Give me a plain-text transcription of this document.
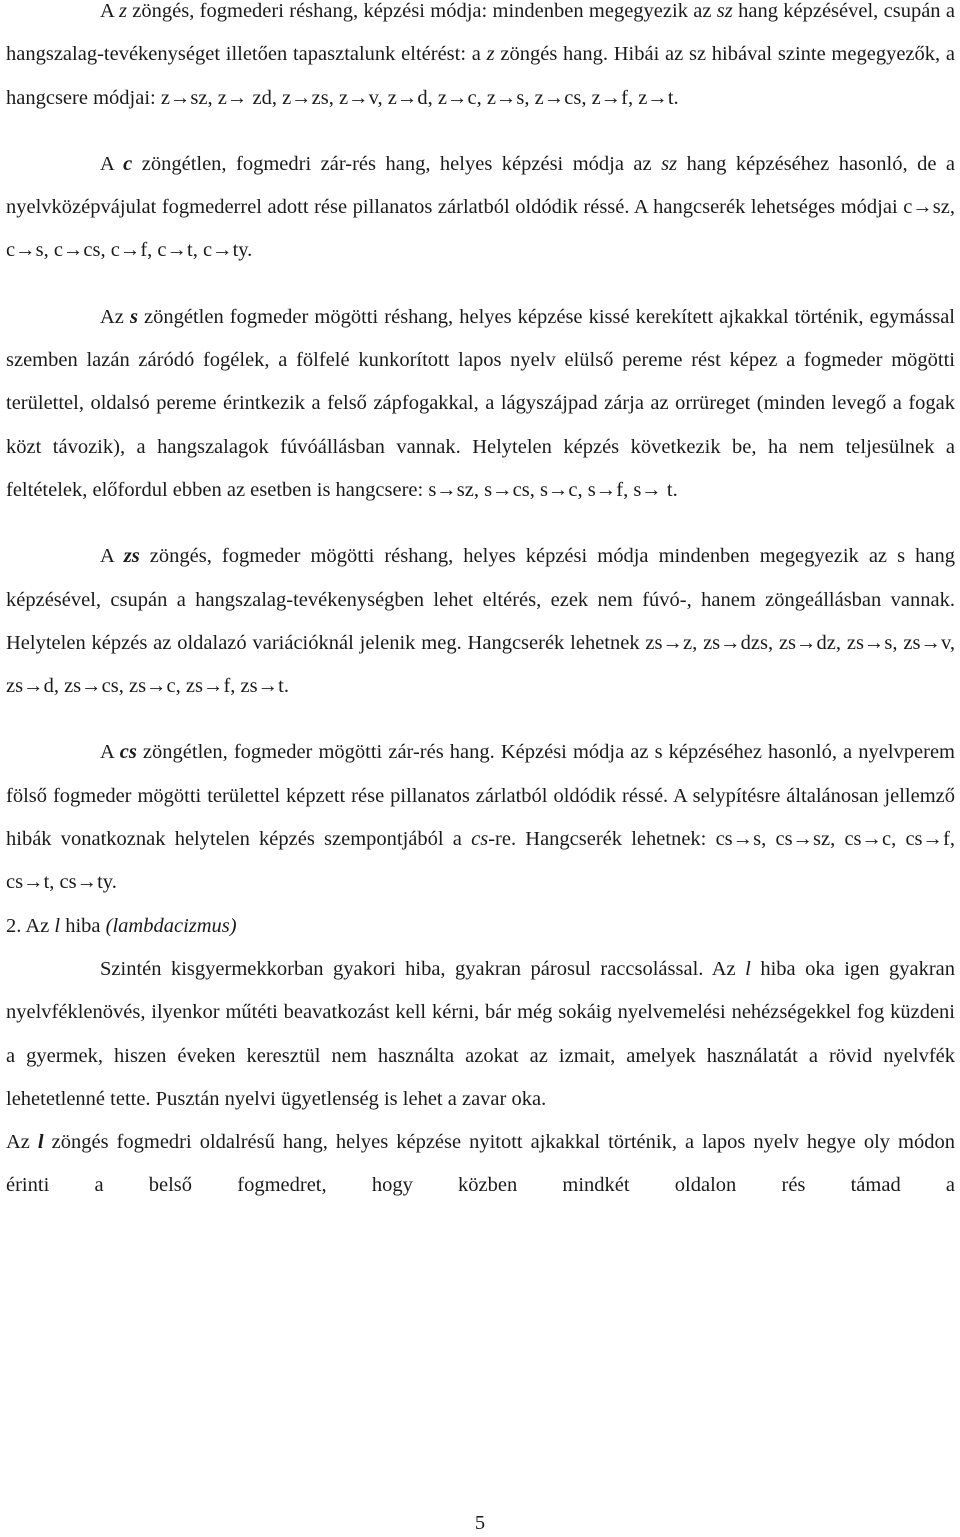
A z zöngés, fogmederi réshang, képzési módja: mindenben megegyezik az sz hang képzésével, csupán a hangszalag-tevékenységet illetően tapasztalunk eltérést: a z zöngés hang. Hibái az sz hibával szinte megegyezők, a hangcsere módjai: z→sz, z→ zd, z→zs, z→v, z→d, z→c, z→s, z→cs, z→f, z→t.

A c zöngétlen, fogmedri zár-rés hang, helyes képzési módja az sz hang képzéséhez hasonló, de a nyelvközépvájulat fogmederrel adott rése pillanatos zárlatból oldódik réssé. A hangcserék lehetséges módjai c→sz, c→s, c→cs, c→f, c→t, c→ty.

Az s zöngétlen fogmeder mögötti réshang, helyes képzése kissé kerekített ajkakkal történik, egymással szemben lazán záródó fogélek, a fölfelé kunkorított lapos nyelv elülső pereme rést képez a fogmeder mögötti területtel, oldalsó pereme érintkezik a felső zápfogakkal, a lágyszájpad zárja az orrüreget (minden levegő a fogak közt távozik), a hangszalagok fúvóállásban vannak. Helytelen képzés következik be, ha nem teljesülnek a feltételek, előfordul ebben az esetben is hangcsere: s→sz, s→cs, s→c, s→f, s→ t.

A zs zöngés, fogmeder mögötti réshang, helyes képzési módja mindenben megegyezik az s hang képzésével, csupán a hangszalag-tevékenységben lehet eltérés, ezek nem fúvó-, hanem zöngeállásban vannak. Helytelen képzés az oldalazó variációknál jelenik meg. Hangcserék lehetnek zs→z, zs→dzs, zs→dz, zs→s, zs→v, zs→d, zs→cs, zs→c, zs→f, zs→t.

A cs zöngétlen, fogmeder mögötti zár-rés hang. Képzési módja az s képzéséhez hasonló, a nyelvperem fölső fogmeder mögötti területtel képzett rése pillanatos zárlatból oldódik réssé. A selypítésre általánosan jellemző hibák vonatkoznak helytelen képzés szempontjából a cs-re. Hangcserék lehetnek: cs→s, cs→sz, cs→c, cs→f, cs→t, cs→ty.

2. Az l hiba (lambdacizmus)

Szintén kisgyermekkorban gyakori hiba, gyakran párosul raccsolással. Az l hiba oka igen gyakran nyelvféklenövés, ilyenkor műtéti beavatkozást kell kérni, bár még sokáig nyelvemelési nehézségekkel fog küzdeni a gyermek, hiszen éveken keresztül nem használta azokat az izmait, amelyek használatát a rövid nyelvfék lehetetlenné tette. Pusztán nyelvi ügyetlenség is lehet a zavar oka.

Az l zöngés fogmedri oldalrésű hang, helyes képzése nyitott ajkakkal történik, a lapos nyelv hegye oly módon érinti a belső fogmedret, hogy közben mindkét oldalon rés támad a

5
